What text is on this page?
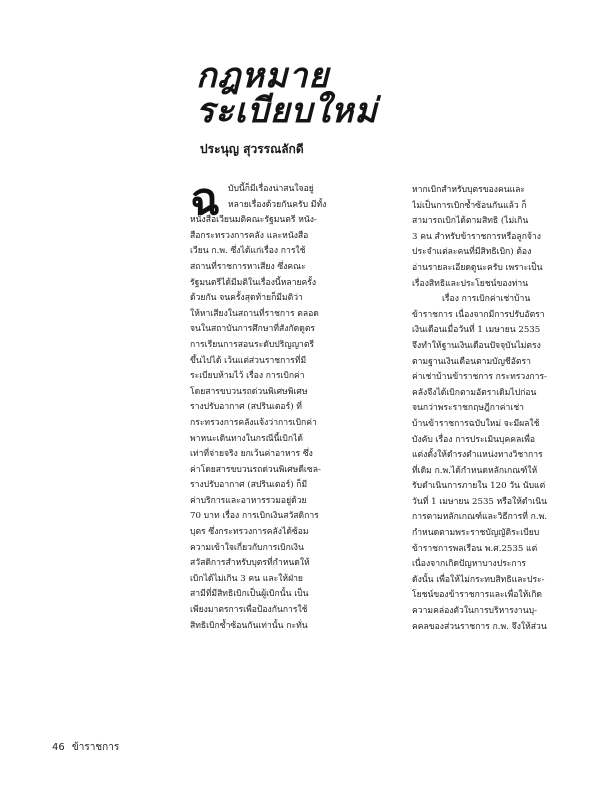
กฎหมาย
ระเบียบใหม่
ประนุญ สุวรรณลักดี
ฉ บับนี้ก็มีเรื่องน่าสนใจอยู่

หลายเรื่องด้วยกันครับ มีทั้ง

หนังสือเวียนมติคณะรัฐมนตรี หนัง-

สือกระทรวงการคลัง และหนังสือ

เวียน ก.พ. ซึ่งได้แก่เรื่อง การใช้

สถานที่ราชการหาเสียง ซึ่งคณะ

รัฐมนตรีได้มีมติในเรื่องนี้หลายครั้ง

ด้วยกัน จนครั้งสุดท้ายก็มีมติว่า

ให้หาเสียงในสถานที่ราชการ ตลอด

จนในสถาบันการศึกษาที่สังกัดดูตร

การเรียนการสอนระดับปริญญาตรี

ขึ้นไปได้ เว้นแต่ส่วนราชการที่มี

ระเบียบห้ามไว้ เรื่อง การเบิกค่า

โดยสารขบวนรถด่วนพิเศษพิเศษ

รางปรับอากาศ (สปรินเตอร์) ที่

กระทรวงการคลังแจ้งว่าการเบิกค่า

พาหนะเดินทางในกรณีนี้เบิกได้

เท่าที่จ่ายจริง ยกเว้นค่าอาหาร ซึ่ง

ค่าโดยสารขบวนรถด่วนพิเศษดีเซล-

รางปรับอากาศ (สปรินเตอร์) ก็มี

ค่าบริการและอาหารรวมอยู่ด้วย

70 บาท เรื่อง การเบิกเงินสวัสดิการ

บุตร ซึ่งกระทรวงการคลังได้ซ้อม

ความเข้าใจเกี่ยวกับการเบิกเงิน

สวัสดิการสำหรับบุตรที่กำหนดให้

เบิกได้ไม่เกิน 3 คน และให้ฝ่าย

สามีที่มีสิทธิเบิกเป็นผู้เบิกนั้น เป็น

เพียงมาตรการเพื่อป้องกันการใช้

สิทธิเบิกซ้ำซ้อนกันเท่านั้น กะทั่น

หากเบิกสำหรับบุตรของคนและ

ไม่เป็นการเบิกซ้ำซ้อนกันแล้ว ก็

สามารถเบิกได้ตามสิทธิ (ไม่เกิน

3 คน สำหรับข้าราชการหรือลูกจ้าง

ประจำแต่ละคนที่มีสิทธิเบิก) ต้อง

อ่านรายละเอียดดูนะครับ เพราะเป็น

เรื่องสิทธิและประโยชน์ของท่าน

เรื่อง การเบิกค่าเช่าบ้าน

ข้าราชการ เนื่องจากมีการปรับอัตรา

เงินเดือนเมื่อวันที่ 1 เมษายน 2535

จึงทำให้ฐานเงินเดือนปัจจุบันไม่ตรง

ตามฐานเงินเดือนตามบัญชีอัตรา

ค่าเช่าบ้านข้าราชการ กระทรวงการ-

คลังจึงได้เบิกตามอัตราเดิมไปก่อน

จนกว่าพระราชกฤษฎีกาค่าเช่า

บ้านข้าราชการฉบับใหม่ จะมีผลใช้

บังคับ เรื่อง การประเมินบุคคลเพื่อ

แต่งตั้งให้ดำรงตำแหน่งทางวิชาการ

ที่เดิม ก.พ.ได้กำหนดหลักเกณฑ์ให้

รับดำเนินการภายใน 120 วัน นับแต่

วันที่ 1 เมษายน 2535 หรือให้ดำเนิน

การตามหลักเกณฑ์และวิธีการที่ ก.พ.

กำหนดตามพระราชบัญญัติระเบียบ

ข้าราชการพลเรือน พ.ศ.2535 แต่

เนื่องจากเกิดปัญหาบางประการ

ดังนั้น เพื่อให้ไม่กระทบสิทธิและประ-

โยชน์ของข้าราชการและเพื่อให้เกิด

ความคล่องตัวในการบริหารงานบุ-

คคลของส่วนราชการ ก.พ. จึงให้ส่วน

46 ข้าราชการ
